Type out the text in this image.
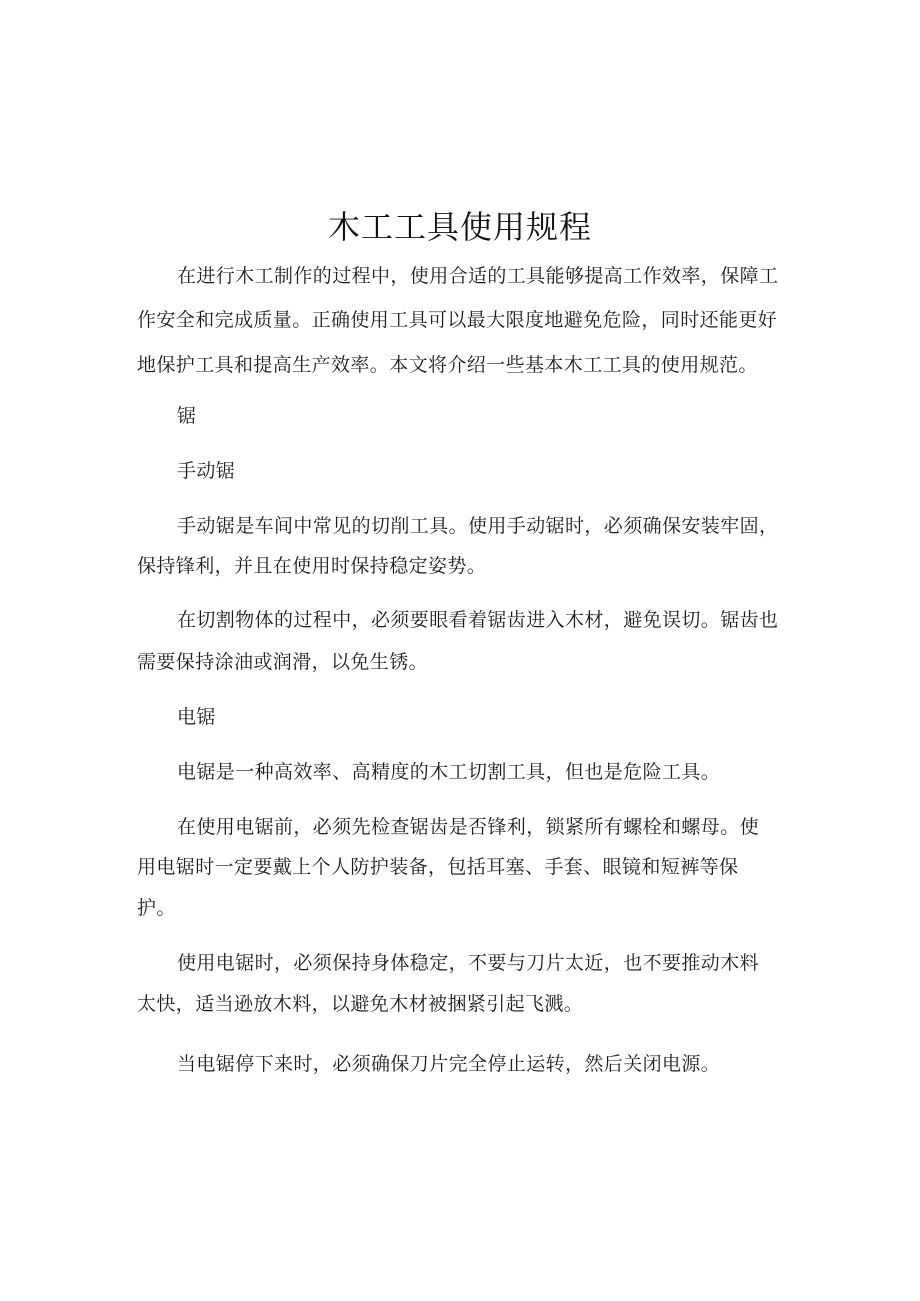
木工工具使用规程
在进行木工制作的过程中，使用合适的工具能够提高工作效率，保障工
作安全和完成质量。正确使用工具可以最大限度地避免危险，同时还能更好
地保护工具和提高生产效率。本文将介绍一些基本木工工具的使用规范。
锯
手动锯
手动锯是车间中常见的切削工具。使用手动锯时，必须确保安装牢固，
保持锋利，并且在使用时保持稳定姿势。
在切割物体的过程中，必须要眼看着锯齿进入木材，避免误切。锯齿也
需要保持涂油或润滑，以免生锈。
电锯
电锯是一种高效率、高精度的木工切割工具，但也是危险工具。
在使用电锯前，必须先检查锯齿是否锋利，锁紧所有螺栓和螺母。使
用电锯时一定要戴上个人防护装备，包括耳塞、手套、眼镜和短裤等保
护。
使用电锯时，必须保持身体稳定，不要与刀片太近，也不要推动木料
太快，适当逊放木料，以避免木材被捆紧引起飞溅。
当电锯停下来时，必须确保刀片完全停止运转，然后关闭电源。
